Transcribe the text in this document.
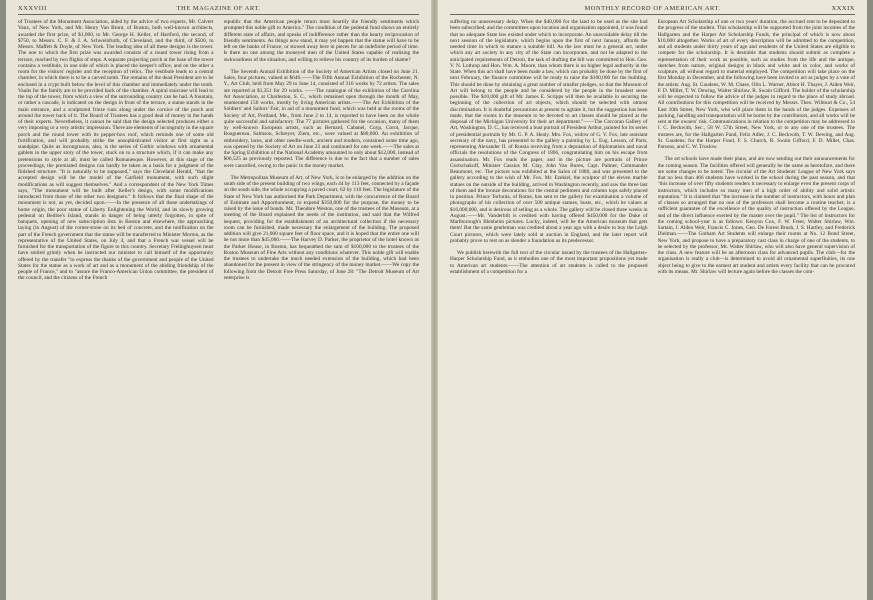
XXXVIII	THE MAGAZINE OF ART.

of Trustees of the Monument Association, aided by the advice of two experts, Mr. Calvert Vaux, of New York, and Mr. Henry Van Brunt, of Boston, both well-known architects, awarded the first prize, of $1,000, to Mr. George H. Keller, of Hartford, the second, of $750, to Messrs. C. F. & J. A. Schweinfurth, of Cleveland, and the third, of $500, to Messrs. Maffett & Doyle, of New York. The leading idea of all these designs is the tower. The one to which the first prize was awarded consists of a round tower rising from a terrace, reached by two flights of steps. A separate projecting porch at the base of the tower contains a vestibule, in one side of which is placed the keeper's office, and on the other a room for the visitors' register and the reception of relics. The vestibule leads to a central chamber, in which there is to be a carved tomb. The remains of the dead President are to be enclosed in a crypt built below the level of this chamber and immediately under the tomb. Vaults for the family are to be provided back of the chamber. A spiral staircase will lead to the top of the tower, from which a view of the surrounding country can be had. A fountain, or rather a cascade, is indicated on the design in front of the terrace, a statue stands in the main entrance, and a sculptured frieze runs along under the cornice of the porch and around the tower back of it. The Board of Trustees has a good deal of money in the hands of their experts. Nevertheless, it cannot be said that the design selected produces either a very imposing or a very artistic impression. There are elements of incongruity in the square porch and the round tower with its pepper-box roof, which reminds one of some old fortification, and will probably strike the unsophisticated visitor at first sight as a standpipe. Quite as incongruous, also, is the series of Gothic windows with ornamental gablets in the upper story of the tower, stuck on to a structure which, if it can make any pretensions to style at all, must be called Romanesque. However, at this stage of the proceedings, the premiated designs can hardly be taken as a basis for a judgment of the finished structure. "It is naturally to be supposed," says the Cleveland Herald, "that the accepted design will be the model of the Garfield monument, with such slight modifications as will suggest themselves." And a correspondent of the New York Times says, "The monument will be built after Keller's design, with some modifications introduced from those of the other two designers." It follows that the final shape of the monument is not, as yet, decided upon.——In the presence of all these undertakings of home origin, the poor statue of Liberty Enlightening the World, and its slowly growing pedestal on Bedloe's Island, stands in danger of being utterly forgotten, in spite of banquets, opening of new subscription lists in Boston and elsewhere, the approaching laying (in August) of the corner-stone on its bed of concrete, and the notification on the part of the French government that the statue will be transferred to Minister Morton, as the representative of the United States, on July 4, and that a French war vessel will be furnished for the transportation of the figure to this country. Secretary Frelinghuysen must have smiled grimly when he instructed our minister to call himself of the opportunity offered by the transfer "to express the thanks of the government and people of the United States for the statue as a work of art and as a monument of the abiding friendship of the people of France," and to "assure the Franco-American Union committee, the president of the council, and the citizens of the French

republic that the American people return most heartily the friendly sentiments which prompted this noble gift to America." The condition of the pedestal fund shows an entirely different state of affairs, and speaks of indifference rather than the hearty reciprocation of friendly sentiments. As things now stand, it may yet happen that the statue will have to be left on the banks of France, or stowed away here in pieces for an indefinite period of time. Is there no one among the moneyed men of the United States capable of realising the awkwardness of the situation, and willing to relieve his country of its burden of shame?

The Seventh Annual Exhibition of the Society of American Artists closed on June 21. Sales, four pictures, valued at $646.——The Fifth Annual Exhibition of the Rochester, N. Y., Art Club, held from May 29 to June 14, consisted of 316 works by 72 artists. The sales are reported at $1,351 for 29 works. ——The catalogue of the exhibition of the Carolina Art Association, at Charleston, S. C., which remained open through the month of May, enumerated 150 works, mostly by living American artists.——The Art Exhibition of the Soldiers' and Sailors' Fair, in aid of a monument fund, which was held at the rooms of the Society of Art, Portland, Me., from June 2 to 14, is reported to have been on the whole quite successful and satisfactory. The 77 pictures gathered for the occasion, many of them by well-known European artists, such as Bernard, Cabanel, Cuyp, Corot, Jacque, Bouguereau, Salmson, Schreyer, Ziem, etc., were valued at $80,000. An exhibition of embroidery, laces, and other needle-work, ancient and modern, contained some time ago, was opened by the Society of Art on June 23 and continued for one week.——The sales at the Spring Exhibition of the National Academy amounted to only about $12,000, instead of $06,525 as previously reported. The difference is due to the fact that a number of sales were cancelled, owing to the panic in the money market.

The Metropolitan Museum of Art, of New York, is to be enlarged by the addition on the south side of the present building of two wings, each 44 by 113 feet, connected by a façade on the south side, the whole occupying a paved court, 62 by 110 feet. The legislature of the State of New York has authorised the Park Department, with the concurrence of the Board of Estimate and Apportionment, to expend $350,000 for the purpose, the money to be raised by the issue of bonds. Mr. Theodore Weston, one of the trustees of the Museum, at a meeting of the Board explained the needs of the institution, and said that the Wilfred bequest, providing for the establishment of an architectural collection if the necessary room can be furnished, made necessary the enlargement of the building. The proposed addition will give 21,000 square feet of floor space, and it is hoped that the entire one will be not more than $45,000.——The Harvey D. Parker, the proprietor of the hotel known as the Parker House, in Boston, has bequeathed the sum of $100,000 to the trustees of the Boston Museum of Fine Arts without any conditions whatever. This noble gift will enable the trustees to undertake the much needed extension of the building, which had been abandoned for the present in view of the stringency of the money market.——We copy the following from the Detroit Free Press Saturday, of June 28: "The Detroit Museum of Art enterprise is

MONTHLY RECORD OF AMERICAN ART.	XXXIX

suffering no unnecessary delay. When the $40,000 for the land to be used as the site had been subscribed, and the committees upon location and organisation appointed, it was found that no adequate State law existed under which to incorporate. An unavoidable delay till the next session of the legislature, which begins upon the first of next January, affords the needed time in which to mature a suitable bill. As the law must be a general act, under which any art society in any city of the State can incorporate, and not be adapted to the anticipated requirements of Detroit, the task of drafting the bill was committed to Hon. Geo. V. N. Lothrop and Hon. Wm. A. Moore, than whom there is no higher legal authority in the State. When this act shall have been made a law, which can probably be done by the first of next February, the finance committee will be ready to raise the $100,000 for the building. This should be done by obtaining a great number of smaller pledges, so that the Museum of Art will belong to the people and be considered by the people in the broadest sense possible. The $10,000 gift of Mr. James E. Scripps will then be available in securing the beginning of the collection of art objects, which should be selected with utmost discrimination. It is doubtful precautions at present to agitate it, but the suggestion has been made, that the rooms in the museum to be devoted to art classes should be placed at the disposal of the Michigan University for their art department."——The Corcoran Gallery of Art, Washington, D. C., has received a bust portrait of President Arthur, painted for its series of presidential portraits by Mr. G. P. A. Healy. Mrs. Fox, widow of G. V. Fox, late assistant secretary of the navy, has presented to the gallery a painting by L. Eug. Lesson, of Paris, representing Alexander II. of Russia receiving from a deputation of diplomatists and naval officials the resolutions of the Congress of 1866, congratulating him on his escape from assassination. Mr. Fox reads the paper, and in the picture are portraits of Prince Gortschakoff, Minister Cassius M. Clay, John Van Buren, Capt. Palmer, Commander Beaumont, etc. The picture was exhibited at the Salon of 1880, and was presented to the gallery according to the wish of Mr. Fox. Mr. Ezekiel, the sculptor of the eleven marble statues on the outside of the building, arrived in Washington recently, and saw the three last of them and the bronze decorations for the central pediment and column tops safely placed in position. Prince Torlonia, of Rome, has sent to the gallery for examination a volume of photographs of his collection of over 500 antique statues, busts, etc., which he values at $16,000,000, and is desirous of selling as a whole. The gallery will be closed three weeks in August.——Mr. Vanderbilt is credited with having offered $450,000 for the Duke of Marlborough's Blenheim pictures. Lucky, indeed, will be the American museum that gets them! But the same gentleman was credited about a year ago with a desire to buy the Leigh Court pictures, which were lately sold at auction in England, and the later report will probably prove to rest on as slender a foundation as its predecessor.

We publish herewith the full text of the circular issued by the trustees of the Hallgarten-Harper Scholarship Fund, as it embodies one of the most important propositions yet made to American art students:——The attention of art students is called to the proposed establishment of a competition for a

European Art Scholarship of one or two years' duration, the accrued rent to be deposited to the progress of the student. This scholarship will be supported from the joint incomes of the Hallgarten and the Harper Art Scholarship Funds, the principal of which is now about $10,000 altogether. Works of art of every description will be admitted to the competition, and all students under thirty years of age and residents of the United States are eligible to compete for the scholarship. It is desirable that students should submit as complete a representation of their work as possible, such as studies from the life and the antique, sketches from nature, original designs in black and white and in color, and works of sculpture, all without regard to material employed. The competition will take place on the first Monday in December, and the following have been invited to act as judges by a vote of the artists: Aug. St. Gaudens, W. M. Chase, Olin L. Warner, Abbot H. Thayer, J. Alden Weir, F. D. Millet, T. W. Dewing, Walter Shirlaw, R. Swain Gifford. The holder of the scholarship will be expected to follow the advice of the judges in regard to the place of study abroad. All contributions for this competition will be received by Messrs. Theo. Wilmurt & Co., 54 East 10th Street, New York, who will place them in the hands of the judges. Expenses of packing, handling and transportation will be borne by the contributors, and all works will be sent at the owners' risk. Communications in relation to the competition may be addressed to J. C. Beckwith, Sec., 58 W. 57th Street, New York, or to any one of the trustees. The trustees are, for the Hallgarten Fund, Felix Adler, J. C. Beckwith, T. W. Dewing, and Aug. St. Gaudens; for the Harper Fund, F. S. Church, R. Swain Gifford, F. D. Millet, Chas. Parsons, and C. W. Truslow.

The art schools have made their plans, and are now sending out their announcements for the coming season. The facilities offered will generally be the same as heretofore, and there are some changes to be noted. The circular of the Art Students' League of New York says that no less than 466 students have worked in the school during the past season, and that "this increase of over fifty students renders it necessary to enlarge even the present corps of instructors, which includes so many men of a high order of ability and solid artistic reputation." It is claimed that "the increase in the number of instructors, with hours and plan of classes so arranged that no one of the professors shall become a routine teacher, is a sufficient guarantee of the excellence of the quality of instruction offered by the League, and of the direct influence exerted by the master over the pupil." The list of instructors for the coming school-year is as follows: Kenyon Cox, F. W. Freer, Walter Shirlaw, Wm. Sartain, J. Alden Weir, Francis C. Jones, Geo. De Forest Brush, J. S. Hartley, and Frederick Dielman.——The Gotham Art Students will enlarge their rooms at No. 12 Bond Street, New York, and propose to have a preparatory cast class in charge of one of the students, to be selected by the professor, Mr. Walter Shirlaw, who will also have general supervision of the class. A new feature will be an afternoon class for advanced pupils. The club—for the organisation is really a club—is determined to avoid all ornamental superfluities, its one object being to give to the earnest art student and artists every facility that can be procured with its means. Mr. Shirlaw will lecture again before the classes the com-
